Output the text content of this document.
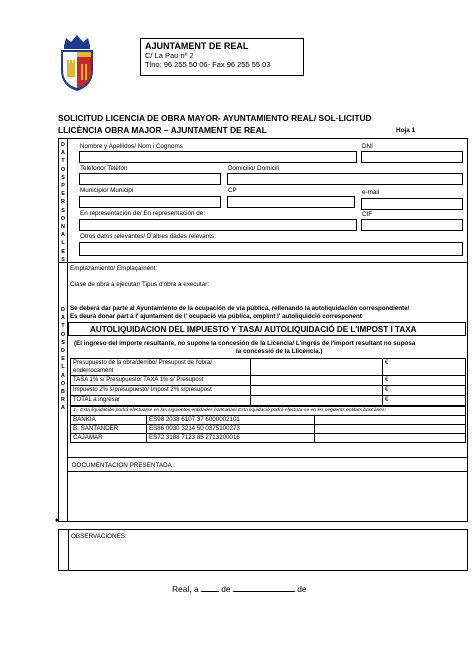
AJUNTAMENT DE REAL
C/ La Pau nº 2
Tlno: 96 255 50 06- Fax 96 255 55 03
SOLICITUD LICENCIA DE OBRA MAYOR- AYUNTAMIENTO REAL/ SOL·LICITUD
LLICÈNCIA OBRA MAJOR – AJUNTAMENT DE REAL	Hoja 1
D
A
T
O
S
P
E
R
S
O
N
A
L
E
S
Nombre y Apellidos/ Nom i Cognoms	DNI
Teléfono/ Telèfon	Domicilio/ Domicili
Municipio/ Municipi	CP	e-mail
En representación de/ En representación de:	CIF
Otros datos relevantes/ D'altres dades relevants:
D
A
T
O
S
D
E
L
A
O
B
R
A
Emplazamiento/ Emplaçament:
Clase de obra a ejecutar/ Tipus d'obra a executar:
Se deberá dar parte al Ayuntamiento de la ocupación de vía pública, rellenando la autoliquidación correspondiente/
Es deurà donar part a l' ajuntament de l' ocupació via pública, omplint l' autoliquidció corresponent
AUTOLIQUIDACION DEL IMPUESTO Y TASA/ AUTOLIQUIDACIÓ DE L'IMPOST I TAXA
(El ingreso del importe resultante, no supone la concesión de la Licencia/ L'ingrés de l'import resultant no suposa
la concessió de la Llicència.)
Presupuesto de la obra/derribo/ Presupost de l'obra/ enderrocament
€
TASA 1% s/ Presupuesto/ TAXA 1% s/ Presupost	€
Impuesto 2% s/presupuesto/ Impost 2% s/presupost	€
TOTAL a ingresar	€
1.- Esta liquidación podrá efectuarse en las siguientes entidades bancarias/ Esta liquidació podrà efectuar-se en les següents entitats bancàries:
BANKIA	ES98 2038 6107 37 6000002101
B. SANTANDER	ES86 0030 3214 50 0375100273
CAJAMAR	ES72 3188 7123 85 2713200016
DOCUMENTACION PRESENTADA :
♦
OBSERVACIONES:
Real, a	de	de
